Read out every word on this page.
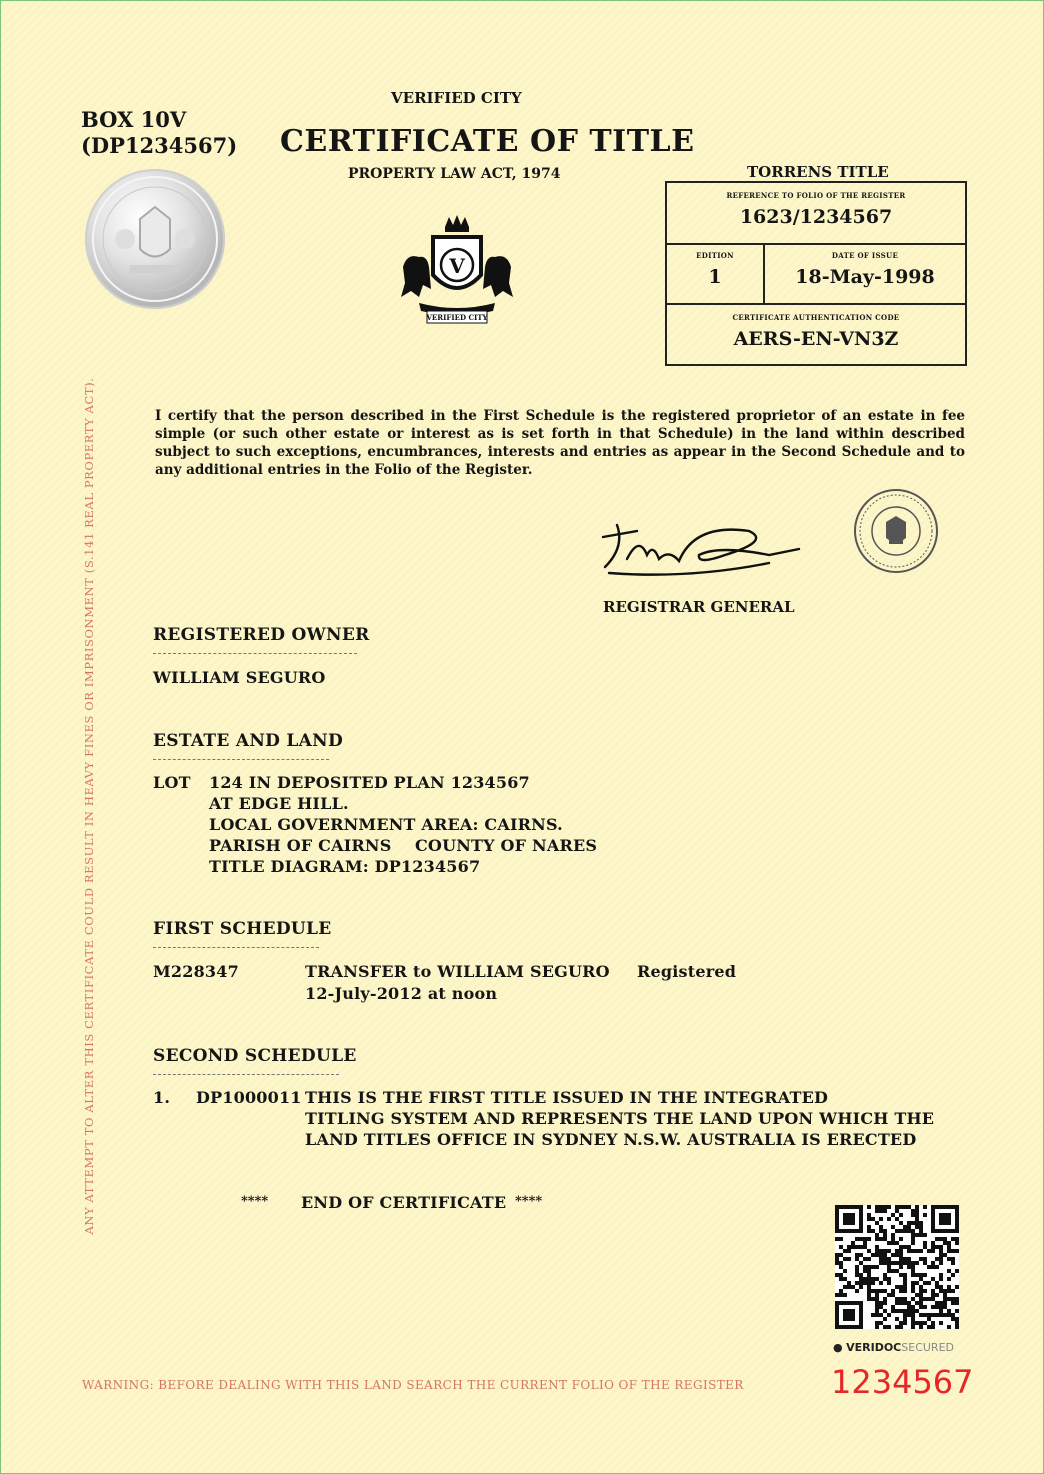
BOX 10V
(DP1234567)
VERIFIED CITY
CERTIFICATE OF TITLE
PROPERTY LAW ACT, 1974
V
VERIFIED CITY
TORRENS TITLE
REFERENCE TO FOLIO OF THE REGISTER
1623/1234567
EDITION
1
DATE OF ISSUE
18-May-1998
CERTIFICATE AUTHENTICATION CODE
AERS-EN-VN3Z
I certify that the person described in the First Schedule is the registered proprietor of an estate in fee simple (or such other estate or interest as is set forth in that Schedule) in the land within described subject to such exceptions, encumbrances, interests and entries as appear in the Second Schedule and to any additional entries in the Folio of the Register.
REGISTRAR GENERAL
REGISTERED OWNER
WILLIAM SEGURO
ESTATE AND LAND
LOT 124 IN DEPOSITED PLAN 1234567
AT EDGE HILL.
LOCAL GOVERNMENT AREA: CAIRNS.
PARISH OF CAIRNS COUNTY OF NARES
TITLE DIAGRAM: DP1234567
FIRST SCHEDULE
M228347	TRANSFER to WILLIAM SEGURO Registered
12-July-2012 at noon
SECOND SCHEDULE
1. DP1000011 THIS IS THE FIRST TITLE ISSUED IN THE INTEGRATED
TITLING SYSTEM AND REPRESENTS THE LAND UPON WHICH THE
LAND TITLES OFFICE IN SYDNEY N.S.W. AUSTRALIA IS ERECTED
**** END OF CERTIFICATE ****
ANY ATTEMPT TO ALTER THIS CERTIFICATE COULD RESULT IN HEAVY FINES OR IMPRISONMENT (S.141 REAL PROPERTY ACT).
● VERIDOCSECURED
WARNING: BEFORE DEALING WITH THIS LAND SEARCH THE CURRENT FOLIO OF THE REGISTER	1234567
